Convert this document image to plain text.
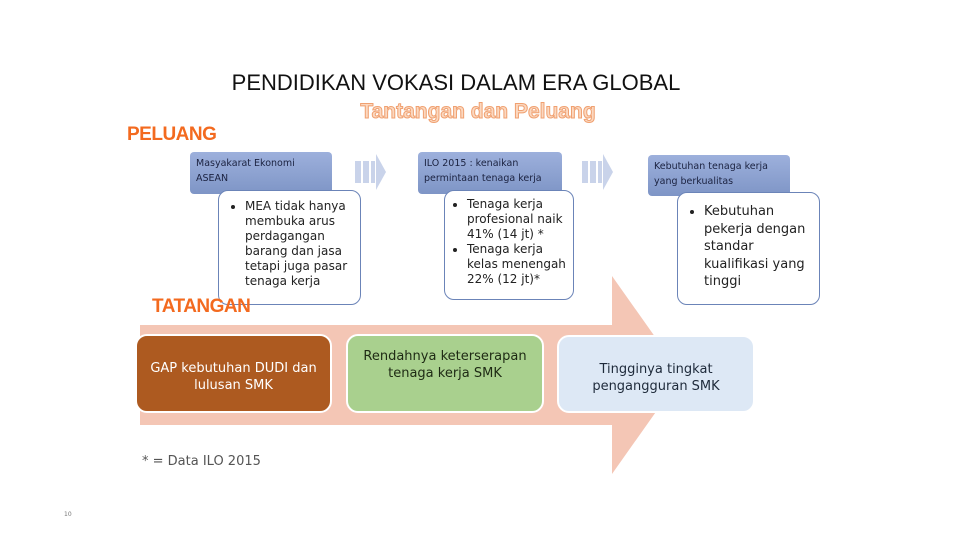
PENDIDIKAN VOKASI DALAM ERA GLOBAL
Tantangan dan Peluang
PELUANG
Masyakarat Ekonomi ASEAN
• MEA tidak hanya membuka arus perdagangan barang dan jasa tetapi juga pasar tenaga kerja
ILO 2015 : kenaikan permintaan tenaga kerja
• Tenaga kerja profesional naik 41% (14 jt) *
• Tenaga kerja kelas menengah 22% (12 jt)*
Kebutuhan tenaga kerja yang berkualitas
• Kebutuhan pekerja dengan standar kualifikasi yang tinggi
TATANGAN
GAP kebutuhan DUDI dan lulusan SMK
Rendahnya keterserapan tenaga kerja SMK	Tingginya tingkat pengangguran SMK
* = Data ILO 2015
10
